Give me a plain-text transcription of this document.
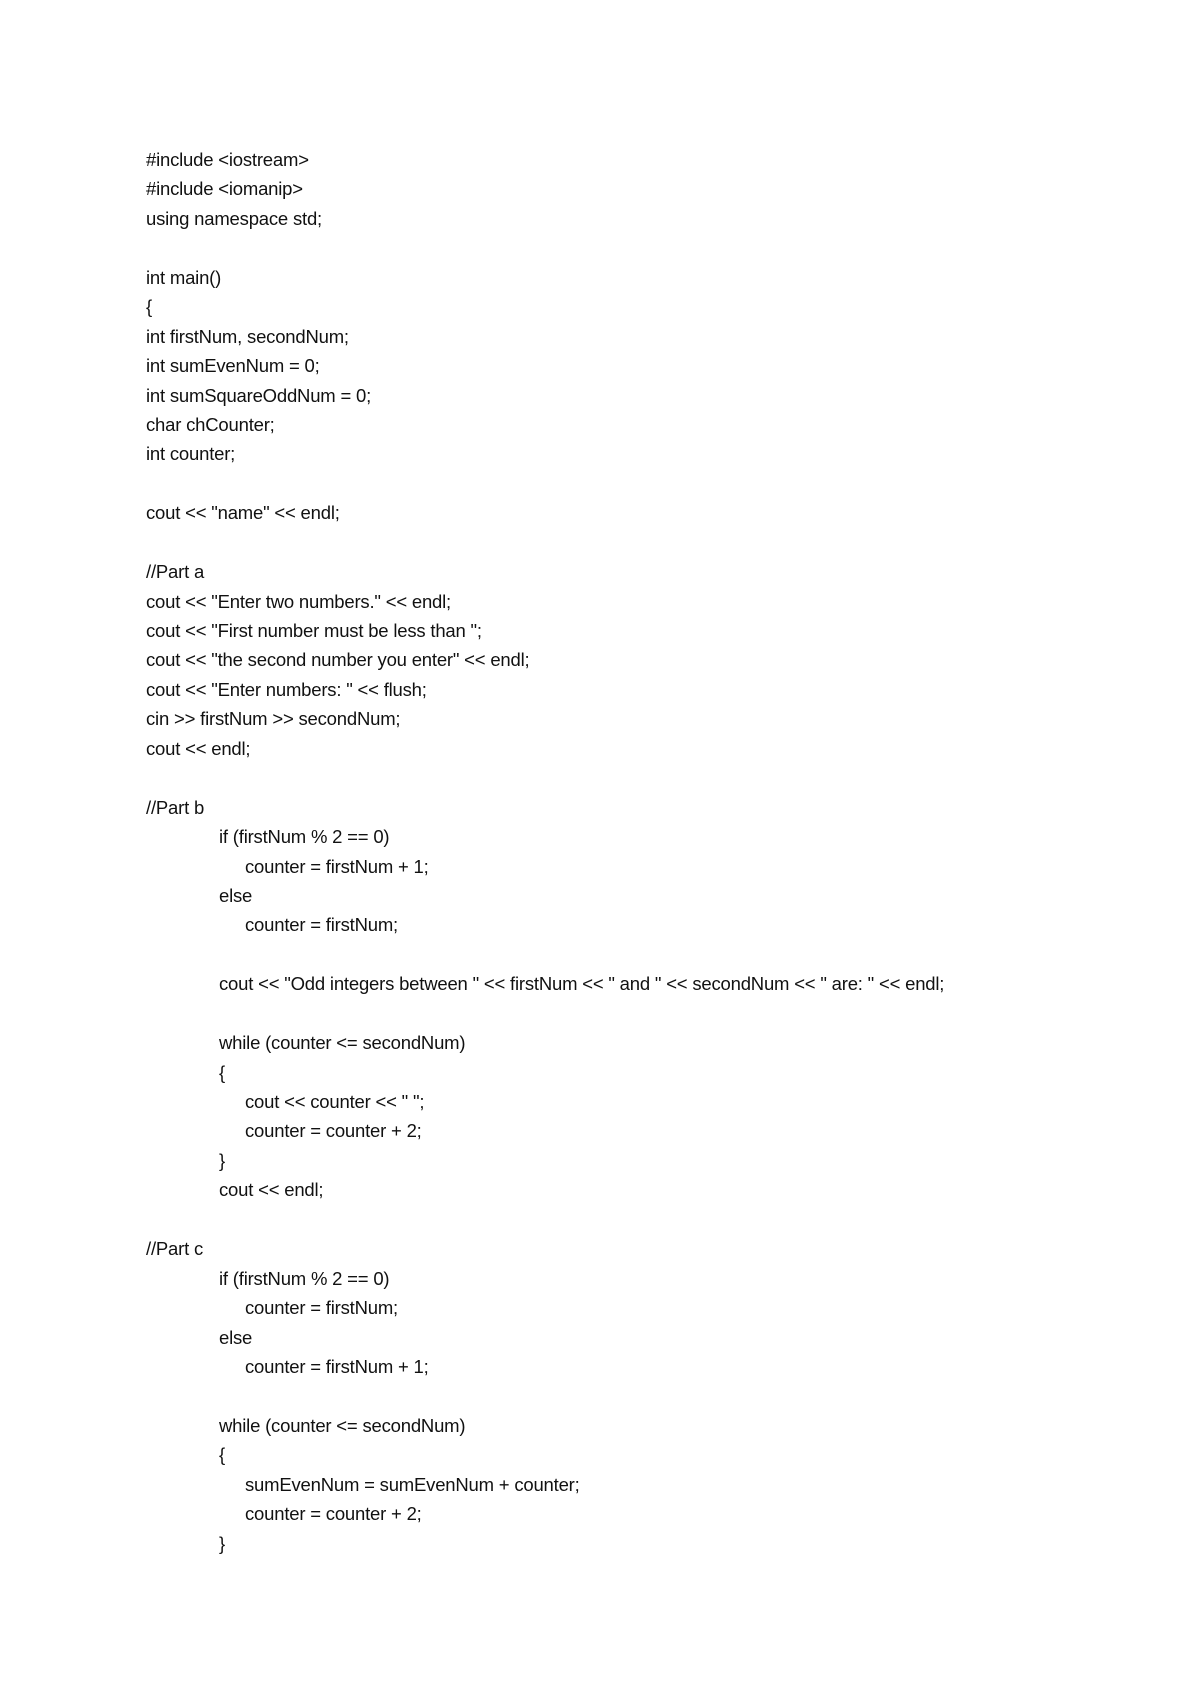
#include <iostream>
#include <iomanip>
using namespace std;
int main()
{
int firstNum, secondNum;
int sumEvenNum = 0;
int sumSquareOddNum = 0;
char chCounter;
int counter;
cout << "name" << endl;
//Part a
cout << "Enter two numbers." << endl;
cout << "First number must be less than ";
cout << "the second number you enter" << endl;
cout << "Enter numbers: " << flush;
cin >> firstNum >> secondNum;
cout << endl;
//Part b
if (firstNum % 2 == 0)
counter = firstNum + 1;
else
counter = firstNum;
cout << "Odd integers between " << firstNum << " and " << secondNum << " are: " << endl;
while (counter <= secondNum)
{
cout << counter << " ";
counter = counter + 2;
}
cout << endl;
//Part c
if (firstNum % 2 == 0)
counter = firstNum;
else
counter = firstNum + 1;
while (counter <= secondNum)
{
sumEvenNum = sumEvenNum + counter;
counter = counter + 2;
}
